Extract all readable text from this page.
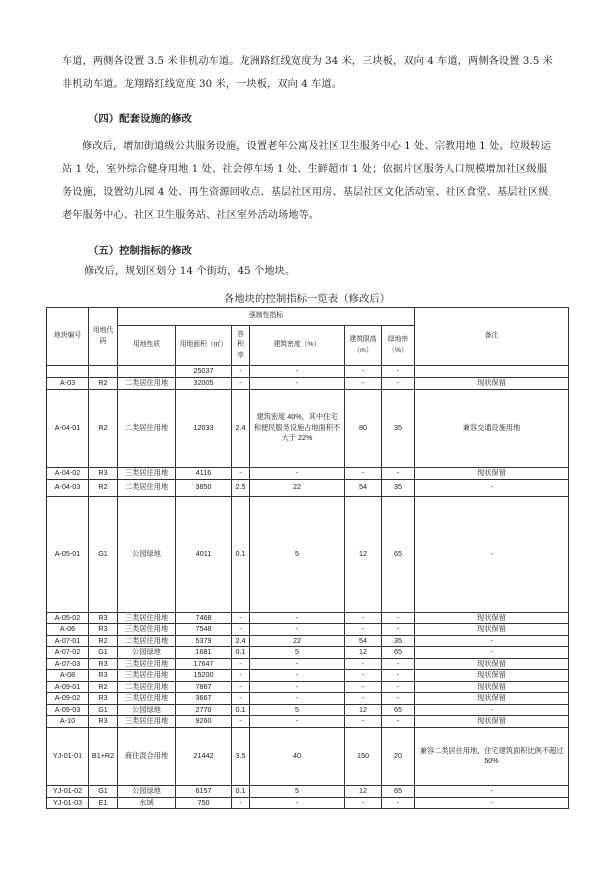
车道，两侧各设置 3.5 米非机动车道。龙洲路红线宽度为 34 米，三块板，双向 4 车道，两侧各设置 3.5 米非机动车道。龙翔路红线宽度 30 米，一块板，双向 4 车道。
（四）配套设施的修改
修改后，增加街道级公共服务设施，设置老年公寓及社区卫生服务中心 1 处、宗教用地 1 处、垃圾转运站 1 处，室外综合健身用地 1 处、社会停车场 1 处、生鲜超市 1 处；依据片区服务人口规模增加社区级服务设施，设置幼儿园 4 处、再生资源回收点、基层社区用房、基层社区文化活动室、社区食堂、基层社区级老年服务中心、社区卫生服务站、社区室外活动场地等。
（五）控制指标的修改
修改后，规划区划分 14 个街坊，45 个地块。
各地块的控制指标一览表（修改后）
地块编号	用地代码	强制性指标						备注
		用地性质	用地面积（㎡）	容积率	建筑密度（%）	建筑限高（m）	绿地率（%）	
			25037	-	-	-	-	
A-03	R2	二类居住用地	32005	-	-	-	-	现状保留
A-04-01	R2	二类居住用地	12033	2.4	建筑密度 40%，其中住宅和便民服务设施占地面积不大于 22%	80	35	兼容交通设施用地
A-04-02	R3	三类居住用地	4116	-	-	-	-	现状保留
A-04-03	R2	二类居住用地	3850	2.5	22	54	35	-
A-05-01	G1	公园绿地	4011	0.1	5	12	65	-
A-05-02	R3	三类居住用地	7468	-	-	-	-	现状保留
A-06	R3	三类居住用地	7548	-	-	-	-	现状保留
A-07-01	R2	二类居住用地	5379	2.4	22	54	35	-
A-07-02	G1	公园绿地	1681	0.1	5	12	65	-
A-07-03	R3	三类居住用地	17647	-	-	-	-	现状保留
A-08	R3	三类居住用地	15200	-	-	-	-	现状保留
A-09-01	R2	二类居住用地	7867	-	-	-	-	现状保留
A-09-02	R3	三类居住用地	3667	-	-	-	-	现状保留
A-09-03	G1	公园绿地	2770	0.1	5	12	65	-
A-10	R3	三类居住用地	9260	-	-	-	-	现状保留
YJ-01-01	B1+R2	商住混合用地	21442	3.5	40	150	20	兼容二类居住用地，住宅建筑面积比例不超过 50%
YJ-01-02	G1	公园绿地	6157	0.1	5	12	65	-
YJ-01-03	E1	水域	750	-	-	-	-	-
